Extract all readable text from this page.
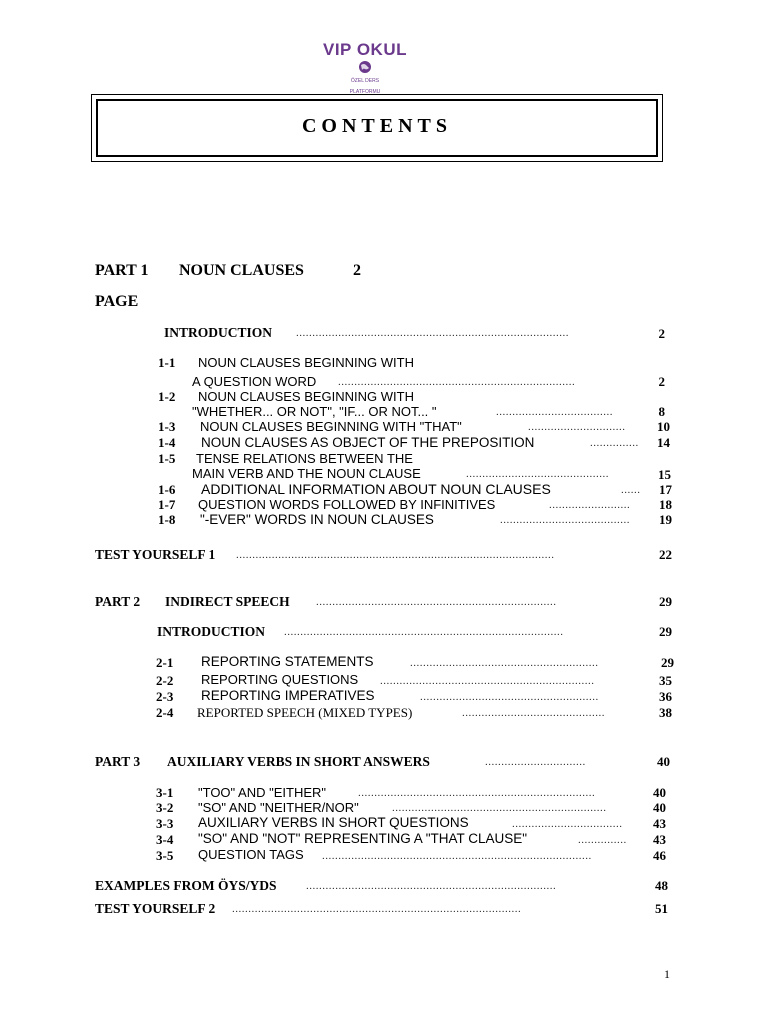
VIP OKUL
ÖZEL DERS
PLATFORMU
CONTENTS
PART 1 NOUN CLAUSES	2
PAGE
INTRODUCTION ....................................................................................	2
1-1 NOUN CLAUSES BEGINNING WITH
A QUESTION WORD .........................................................................	2
1-2 NOUN CLAUSES BEGINNING WITH
"WHETHER... OR NOT", "IF... OR NOT... "	....................................	8
1-3 NOUN CLAUSES BEGINNING WITH "THAT"	..............................	10
1-4 NOUN CLAUSES AS OBJECT OF THE PREPOSITION	...............	14
1-5 TENSE RELATIONS BETWEEN THE
MAIN VERB AND THE NOUN CLAUSE	............................................	15
1-6 ADDITIONAL INFORMATION ABOUT NOUN CLAUSES	......	17
1-7 QUESTION WORDS FOLLOWED BY INFINITIVES	.........................	18
1-8 "-EVER" WORDS IN NOUN CLAUSES	........................................	19
TEST YOURSELF 1 ..................................................................................................	22
PART 2 INDIRECT SPEECH ..........................................................................	29
INTRODUCTION ......................................................................................	29
2-1 REPORTING STATEMENTS	..........................................................	29
2-2 REPORTING QUESTIONS ..................................................................	35
2-3 REPORTING IMPERATIVES	.......................................................	36
2-4 REPORTED SPEECH (MIXED TYPES)	............................................	38
PART 3 AUXILIARY VERBS IN SHORT ANSWERS	...............................	40
3-1 "TOO" AND "EITHER"	.........................................................................	40
3-2 "SO" AND "NEITHER/NOR"	..................................................................	40
3-3 AUXILIARY VERBS IN SHORT QUESTIONS	..................................	43
3-4 "SO" AND "NOT" REPRESENTING A "THAT CLAUSE"	...............	43
3-5 QUESTION TAGS ...................................................................................	46
EXAMPLES FROM ÖYS/YDS	.............................................................................	48
TEST YOURSELF 2 .........................................................................................	51
1
